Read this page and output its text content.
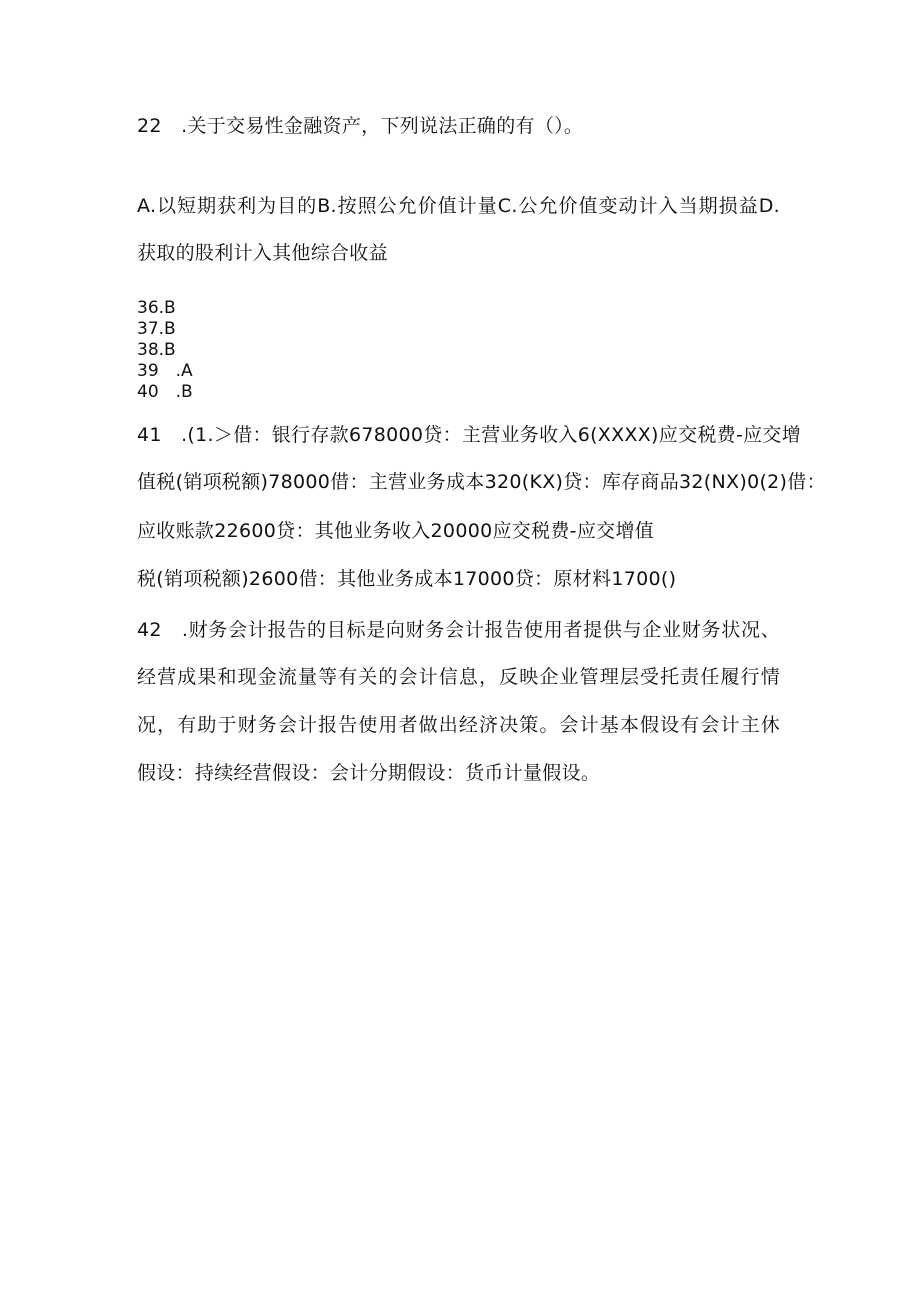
22　.关于交易性金融资产，下列说法正确的有（）。
A.以短期获利为目的B.按照公允价值计量C.公允价值变动计入当期损益D.
获取的股利计入其他综合收益
36.B
37.B
38.B
39　.A
40　.B
41　.(1.＞借：银行存款678000贷：主营业务收入6(XXXX)应交税费-应交增
值税(销项税额)78000借：主营业务成本320(KX)贷：库存商品32(NX)0(2)借：
应收账款22600贷：其他业务收入20000应交税费-应交增值
税(销项税额)2600借：其他业务成本17000贷：原材料1700()
42　.财务会计报告的目标是向财务会计报告使用者提供与企业财务状况、
经营成果和现金流量等有关的会计信息，反映企业管理层受托责任履行情
况，有助于财务会计报告使用者做出经济决策。会计基本假设有会计主休
假设：持续经营假设：会计分期假设：货币计量假设。
